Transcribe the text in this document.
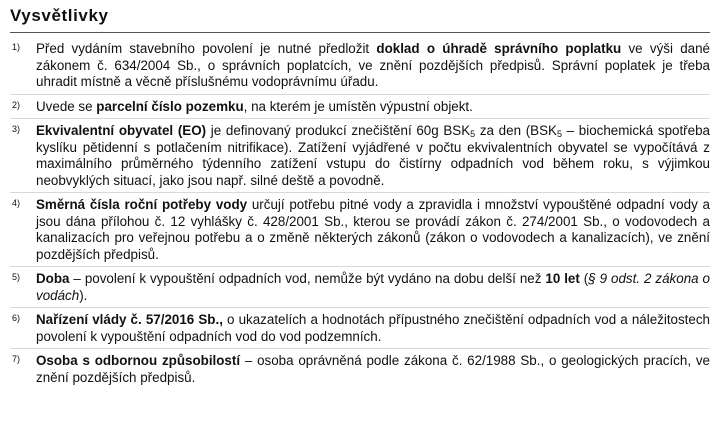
Vysvětlivky
1) Před vydáním stavebního povolení je nutné předložit doklad o úhradě správního poplatku ve výši dané zákonem č. 634/2004 Sb., o správních poplatcích, ve znění pozdějších předpisů. Správní poplatek je třeba uhradit místně a věcně příslušnému vodoprávnímu úřadu.
2) Uvede se parcelní číslo pozemku, na kterém je umístěn výpustní objekt.
3) Ekvivalentní obyvatel (EO) je definovaný produkcí znečištění 60g $BSK_5$ za den ($BSK_5$ – biochemická spotřeba kyslíku pětidenní s potlačením nitrifikace). Zatížení vyjádřené v počtu ekvivalentních obyvatel se vypočítává z maximálního průměrného týdenního zatížení vstupu do čistírny odpadních vod během roku, s výjimkou neobvyklých situací, jako jsou např. silné deště a povodně.
4) Směrná čísla roční potřeby vody určují potřebu pitné vody a zpravidla i množství vypouštěné odpadní vody a jsou dána přílohou č. 12 vyhlášky č. 428/2001 Sb., kterou se provádí zákon č. 274/2001 Sb., o vodovodech a kanalizacích pro veřejnou potřebu a o změně některých zákonů (zákon o vodovodech a kanalizacích), ve znění pozdějších předpisů.
5) Doba – povolení k vypouštění odpadních vod, nemůže být vydáno na dobu delší než 10 let (§ 9 odst. 2 zákona o vodách).
6) Nařízení vlády č. 57/2016 Sb., o ukazatelích a hodnotách přípustného znečištění odpadních vod a náležitostech povolení k vypouštění odpadních vod do vod podzemních.
7) Osoba s odbornou způsobilostí – osoba oprávněná podle zákona č. 62/1988 Sb., o geologických pracích, ve znění pozdějších předpisů.
